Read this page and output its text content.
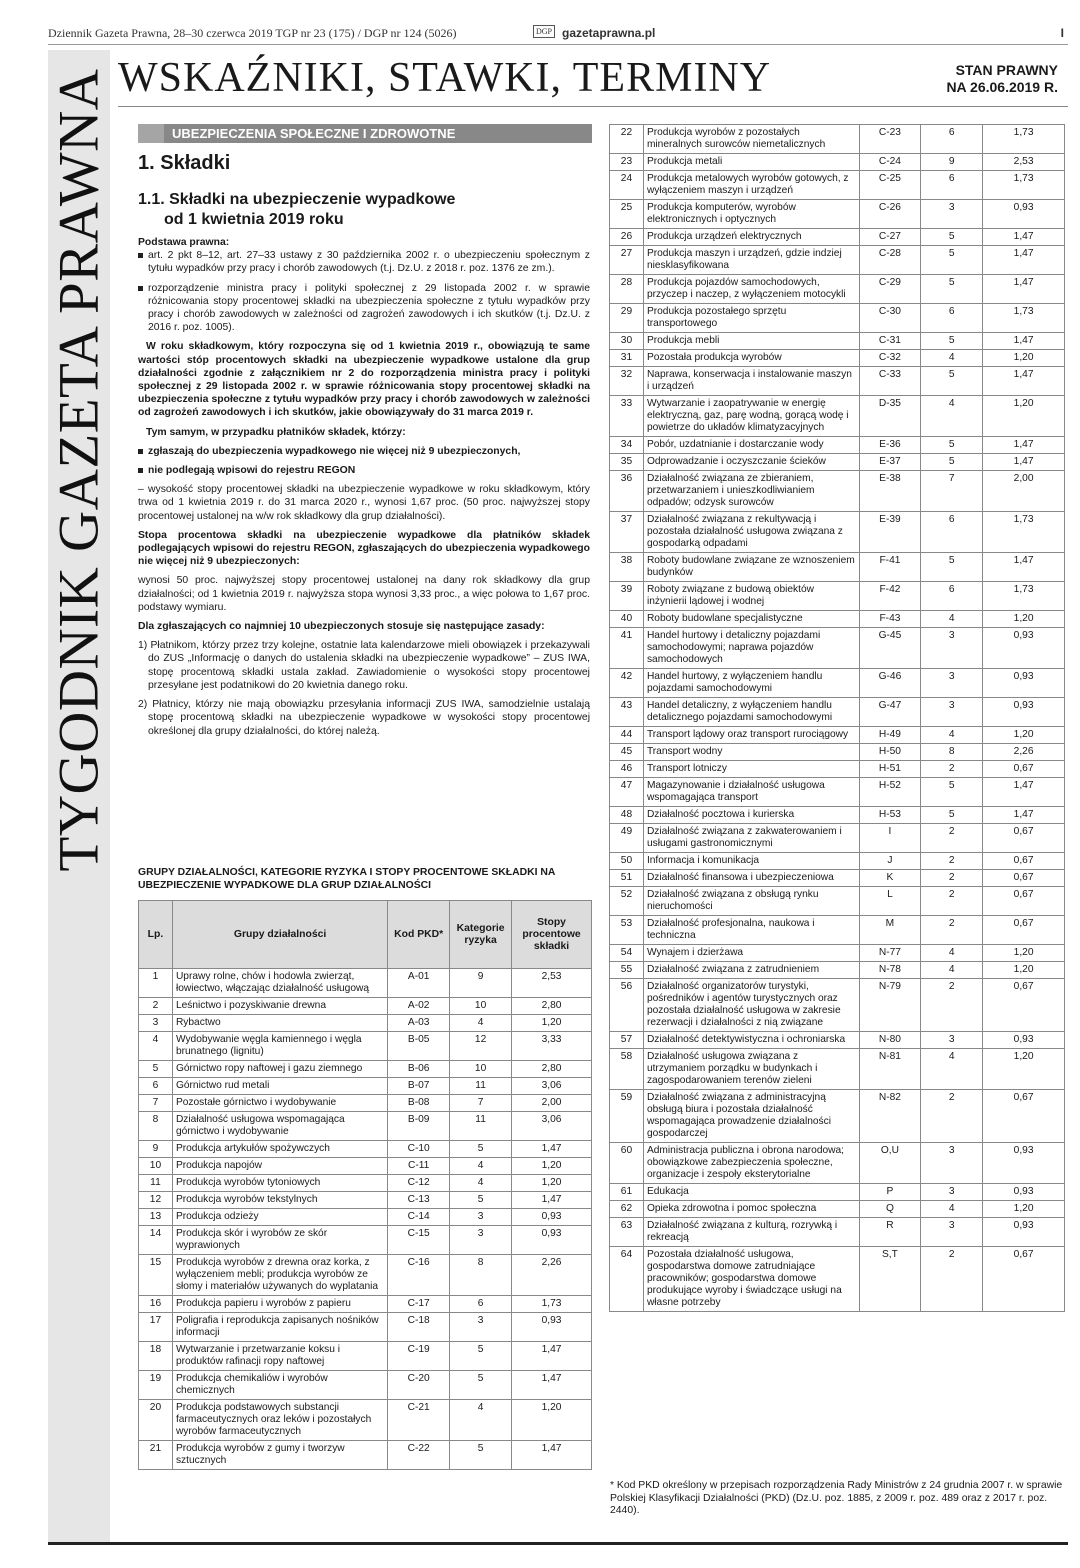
Dziennik Gazeta Prawna, 28–30 czerwca 2019 TGP nr 23 (175) / DGP nr 124 (5026)	DGP gazetaprawna.pl	I
TYGODNIK GAZETA PRAWNA WSKAŹNIKI, STAWKI, TERMINY	STAN PRAWNY
NA 26.06.2019 R.
UBEZPIECZENIA SPOŁECZNE I ZDROWOTNE
1. Składki
1.1. Składki na ubezpieczenie wypadkowe
od 1 kwietnia 2019 roku

Podstawa prawna:

art. 2 pkt 8–12, art. 27–33 ustawy z 30 października 2002 r. o ubezpieczeniu społecznym z tytułu wypadków przy pracy i chorób zawodowych (t.j. Dz.U. z 2018 r. poz. 1376 ze zm.).

rozporządzenie ministra pracy i polityki społecznej z 29 listopada 2002 r. w sprawie różnicowania stopy procentowej składki na ubezpieczenia społeczne z tytułu wypadków przy pracy i chorób zawodowych w zależności od zagrożeń zawodowych i ich skutków (t.j. Dz.U. z 2016 r. poz. 1005).

W roku składkowym, który rozpoczyna się od 1 kwietnia 2019 r., obowiązują te same wartości stóp procentowych składki na ubezpieczenie wypadkowe ustalone dla grup działalności zgodnie z załącznikiem nr 2 do rozporządzenia ministra pracy i polityki społecznej z 29 listopada 2002 r. w sprawie różnicowania stopy procentowej składki na ubezpieczenia społeczne z tytułu wypadków przy pracy i chorób zawodowych w zależności od zagrożeń zawodowych i ich skutków, jakie obowiązywały do 31 marca 2019 r.

Tym samym, w przypadku płatników składek, którzy:

zgłaszają do ubezpieczenia wypadkowego nie więcej niż 9 ubezpieczonych,

nie podlegają wpisowi do rejestru REGON

– wysokość stopy procentowej składki na ubezpieczenie wypadkowe w roku składkowym, który trwa od 1 kwietnia 2019 r. do 31 marca 2020 r., wynosi 1,67 proc. (50 proc. najwyższej stopy procentowej ustalonej na w/w rok składkowy dla grup działalności).

Stopa procentowa składki na ubezpieczenie wypadkowe dla płatników składek podlegających wpisowi do rejestru REGON, zgłaszających do ubezpieczenia wypadkowego nie więcej niż 9 ubezpieczonych:

wynosi 50 proc. najwyższej stopy procentowej ustalonej na dany rok składkowy dla grup działalności; od 1 kwietnia 2019 r. najwyższa stopa wynosi 3,33 proc., a więc połowa to 1,67 proc. podstawy wymiaru.

Dla zgłaszających co najmniej 10 ubezpieczonych stosuje się następujące zasady:

1) Płatnikom, którzy przez trzy kolejne, ostatnie lata kalendarzowe mieli obowiązek i przekazywali do ZUS „Informację o danych do ustalenia składki na ubezpieczenie wypadkowe” – ZUS IWA, stopę procentową składki ustala zakład. Zawiadomienie o wysokości stopy procentowej przesyłane jest podatnikowi do 20 kwietnia danego roku.

2) Płatnicy, którzy nie mają obowiązku przesyłania informacji ZUS IWA, samodzielnie ustalają stopę procentową składki na ubezpieczenie wypadkowe w wysokości stopy procentowej określonej dla grupy działalności, do której należą.

GRUPY DZIAŁALNOŚCI, KATEGORIE RYZYKA I STOPY PROCENTOWE SKŁADKI NA UBEZPIECZENIE WYPADKOWE DLA GRUP DZIAŁALNOŚCI
Lp.	Grupy działalności	Kod PKD*	Kategorie ryzyka	Stopy procentowe składki
1	Uprawy rolne, chów i hodowla zwierząt, łowiectwo, włączając działalność usługową	A-01	9	2,53
2	Leśnictwo i pozyskiwanie drewna	A-02	10	2,80
3	Rybactwo	A-03	4	1,20
4	Wydobywanie węgla kamiennego i węgla brunatnego (lignitu)	B-05	12	3,33
5	Górnictwo ropy naftowej i gazu ziemnego	B-06	10	2,80
6	Górnictwo rud metali	B-07	11	3,06
7	Pozostałe górnictwo i wydobywanie	B-08	7	2,00
8	Działalność usługowa wspomagająca górnictwo i wydobywanie	B-09	11	3,06
9	Produkcja artykułów spożywczych	C-10	5	1,47
10	Produkcja napojów	C-11	4	1,20
11	Produkcja wyrobów tytoniowych	C-12	4	1,20
12	Produkcja wyrobów tekstylnych	C-13	5	1,47
13	Produkcja odzieży	C-14	3	0,93
14	Produkcja skór i wyrobów ze skór wyprawionych	C-15	3	0,93
15	Produkcja wyrobów z drewna oraz korka, z wyłączeniem mebli; produkcja wyrobów ze słomy i materiałów używanych do wyplatania	C-16	8	2,26
16	Produkcja papieru i wyrobów z papieru	C-17	6	1,73
17	Poligrafia i reprodukcja zapisanych nośników informacji	C-18	3	0,93
18	Wytwarzanie i przetwarzanie koksu i produktów rafinacji ropy naftowej	C-19	5	1,47
19	Produkcja chemikaliów i wyrobów chemicznych	C-20	5	1,47
20	Produkcja podstawowych substancji farmaceutycznych oraz leków i pozostałych wyrobów farmaceutycznych	C-21	4	1,20
21	Produkcja wyrobów z gumy i tworzyw sztucznych	C-22	5	1,47
22	Produkcja wyrobów z pozostałych mineralnych surowców niemetalicznych	C-23	6	1,73
23	Produkcja metali	C-24	9	2,53
24	Produkcja metalowych wyrobów gotowych, z wyłączeniem maszyn i urządzeń	C-25	6	1,73
25	Produkcja komputerów, wyrobów elektronicznych i optycznych	C-26	3	0,93
26	Produkcja urządzeń elektrycznych	C-27	5	1,47
27	Produkcja maszyn i urządzeń, gdzie indziej niesklasyfikowana	C-28	5	1,47
28	Produkcja pojazdów samochodowych, przyczep i naczep, z wyłączeniem motocykli	C-29	5	1,47
29	Produkcja pozostałego sprzętu transportowego	C-30	6	1,73
30	Produkcja mebli	C-31	5	1,47
31	Pozostała produkcja wyrobów	C-32	4	1,20
32	Naprawa, konserwacja i instalowanie maszyn i urządzeń	C-33	5	1,47
33	Wytwarzanie i zaopatrywanie w energię elektryczną, gaz, parę wodną, gorącą wodę i powietrze do układów klimatyzacyjnych	D-35	4	1,20
34	Pobór, uzdatnianie i dostarczanie wody	E-36	5	1,47
35	Odprowadzanie i oczyszczanie ścieków	E-37	5	1,47
36	Działalność związana ze zbieraniem, przetwarzaniem i unieszkodliwianiem odpadów; odzysk surowców	E-38	7	2,00
37	Działalność związana z rekultywacją i pozostała działalność usługowa związana z gospodarką odpadami	E-39	6	1,73
38	Roboty budowlane związane ze wznoszeniem budynków	F-41	5	1,47
39	Roboty związane z budową obiektów inżynierii lądowej i wodnej	F-42	6	1,73
40	Roboty budowlane specjalistyczne	F-43	4	1,20
41	Handel hurtowy i detaliczny pojazdami samochodowymi; naprawa pojazdów samochodowych	G-45	3	0,93
42	Handel hurtowy, z wyłączeniem handlu pojazdami samochodowymi	G-46	3	0,93
43	Handel detaliczny, z wyłączeniem handlu detalicznego pojazdami samochodowymi	G-47	3	0,93
44	Transport lądowy oraz transport rurociągowy	H-49	4	1,20
45	Transport wodny	H-50	8	2,26
46	Transport lotniczy	H-51	2	0,67
47	Magazynowanie i działalność usługowa wspomagająca transport	H-52	5	1,47
48	Działalność pocztowa i kurierska	H-53	5	1,47
49	Działalność związana z zakwaterowaniem i usługami gastronomicznymi	I	2	0,67
50	Informacja i komunikacja	J	2	0,67
51	Działalność finansowa i ubezpieczeniowa	K	2	0,67
52	Działalność związana z obsługą rynku nieruchomości	L	2	0,67
53	Działalność profesjonalna, naukowa i techniczna	M	2	0,67
54	Wynajem i dzierżawa	N-77	4	1,20
55	Działalność związana z zatrudnieniem	N-78	4	1,20
56	Działalność organizatorów turystyki, pośredników i agentów turystycznych oraz pozostała działalność usługowa w zakresie rezerwacji i działalności z nią związane	N-79	2	0,67
57	Działalność detektywistyczna i ochroniarska	N-80	3	0,93
58	Działalność usługowa związana z utrzymaniem porządku w budynkach i zagospodarowaniem terenów zieleni	N-81	4	1,20
59	Działalność związana z administracyjną obsługą biura i pozostała działalność wspomagająca prowadzenie działalności gospodarczej	N-82	2	0,67
60	Administracja publiczna i obrona narodowa; obowiązkowe zabezpieczenia społeczne, organizacje i zespoły eksterytorialne	O,U	3	0,93
61	Edukacja	P	3	0,93
62	Opieka zdrowotna i pomoc społeczna	Q	4	1,20
63	Działalność związana z kulturą, rozrywką i rekreacją	R	3	0,93
64	Pozostała działalność usługowa, gospodarstwa domowe zatrudniające pracowników; gospodarstwa domowe produkujące wyroby i świadczące usługi na własne potrzeby	S,T	2	0,67
* Kod PKD określony w przepisach rozporządzenia Rady Ministrów z 24 grudnia 2007 r. w sprawie Polskiej Klasyfikacji Działalności (PKD) (Dz.U. poz. 1885, z 2009 r. poz. 489 oraz z 2017 r. poz. 2440).
